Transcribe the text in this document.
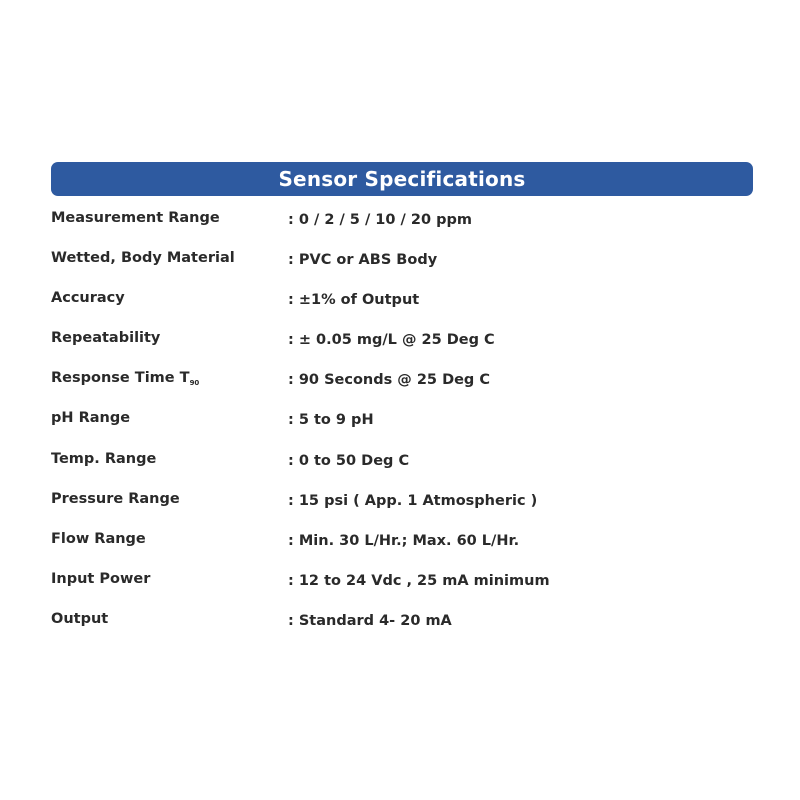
Sensor Specifications
Measurement Range	: 0 / 2 / 5 / 10 / 20 ppm
Wetted, Body Material	: PVC or ABS Body
Accuracy	: ±1% of Output
Repeatability	: ± 0.05 mg/L @ 25 Deg C
Response Time $T_{90}$	: 90 Seconds @ 25 Deg C
pH Range	: 5 to 9 pH
Temp. Range	: 0 to 50 Deg C
Pressure Range	: 15 psi ( App. 1 Atmospheric )
Flow Range	: Min. 30 L/Hr.; Max. 60 L/Hr.
Input Power	: 12 to 24 Vdc , 25 mA minimum
Output	: Standard 4- 20 mA
